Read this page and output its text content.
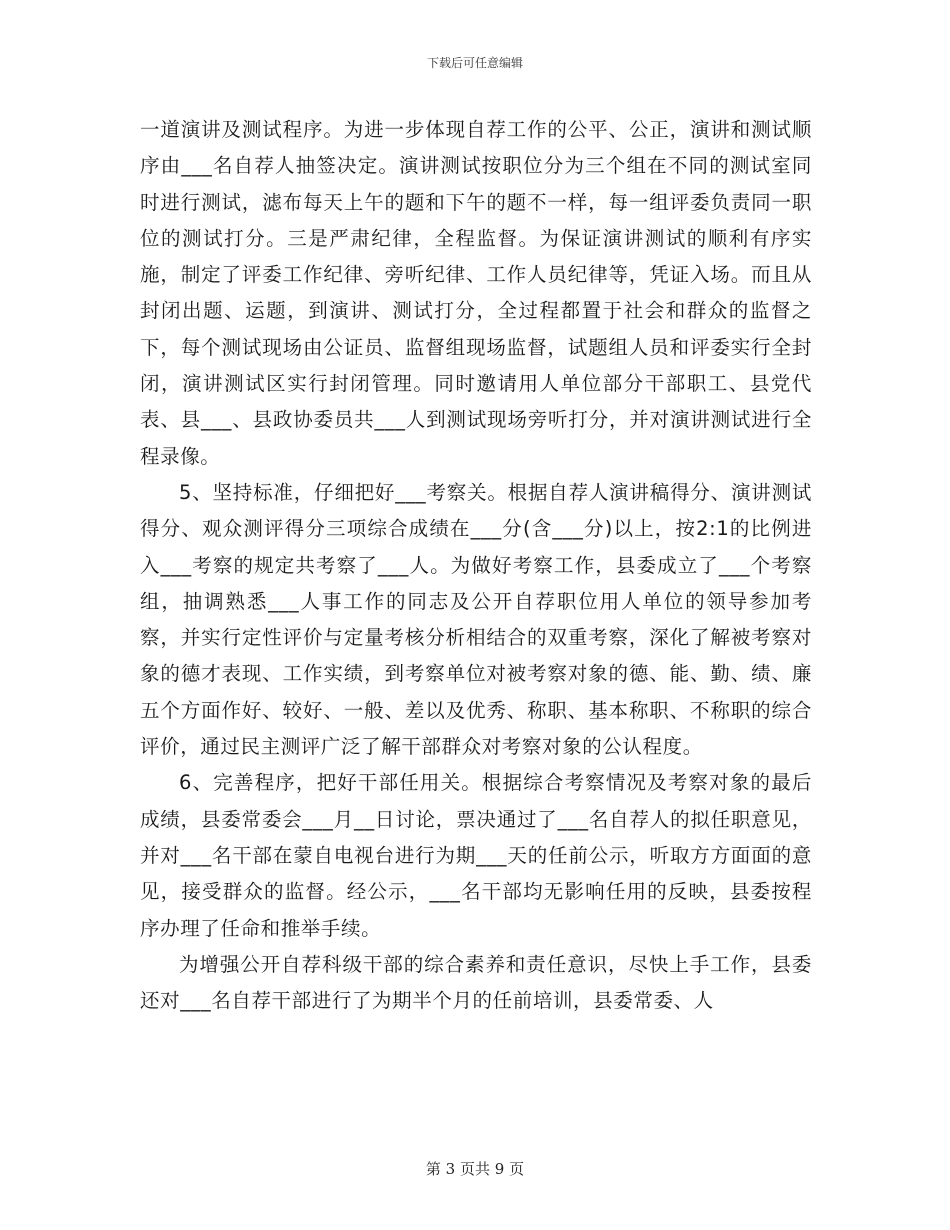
下载后可任意编辑

一道演讲及测试程序。为进一步体现自荐工作的公平、公正，演讲和测试顺序由___名自荐人抽签决定。演讲测试按职位分为三个组在不同的测试室同时进行测试，滤布每天上午的题和下午的题不一样，每一组评委负责同一职位的测试打分。三是严肃纪律，全程监督。为保证演讲测试的顺利有序实施，制定了评委工作纪律、旁听纪律、工作人员纪律等，凭证入场。而且从封闭出题、运题，到演讲、测试打分，全过程都置于社会和群众的监督之下，每个测试现场由公证员、监督组现场监督，试题组人员和评委实行全封闭，演讲测试区实行封闭管理。同时邀请用人单位部分干部职工、县党代表、县___、县政协委员共___人到测试现场旁听打分，并对演讲测试进行全程录像。

5、坚持标准，仔细把好___考察关。根据自荐人演讲稿得分、演讲测试得分、观众测评得分三项综合成绩在___分(含___分)以上，按2:1的比例进入___考察的规定共考察了___人。为做好考察工作，县委成立了___个考察组，抽调熟悉___人事工作的同志及公开自荐职位用人单位的领导参加考察，并实行定性评价与定量考核分析相结合的双重考察，深化了解被考察对象的德才表现、工作实绩，到考察单位对被考察对象的德、能、勤、绩、廉五个方面作好、较好、一般、差以及优秀、称职、基本称职、不称职的综合评价，通过民主测评广泛了解干部群众对考察对象的公认程度。

6、完善程序，把好干部任用关。根据综合考察情况及考察对象的最后成绩，县委常委会___月__日讨论，票决通过了___名自荐人的拟任职意见，并对___名干部在蒙自电视台进行为期___天的任前公示，听取方方面面的意见，接受群众的监督。经公示，___名干部均无影响任用的反映，县委按程序办理了任命和推举手续。

为增强公开自荐科级干部的综合素养和责任意识，尽快上手工作，县委还对___名自荐干部进行了为期半个月的任前培训，县委常委、人

第 3 页共 9 页
